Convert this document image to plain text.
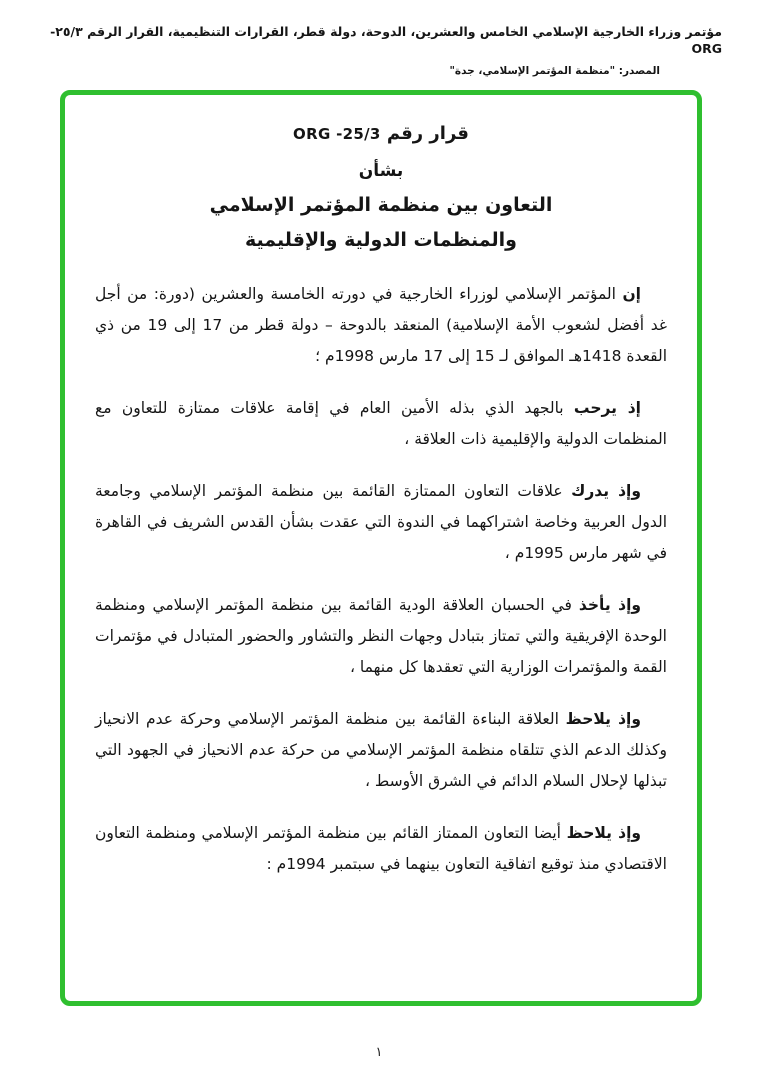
مؤتمر وزراء الخارجية الإسلامي الخامس والعشرين، الدوحة، دولة قطر، القرارات التنظيمية، القرار الرقم ٢٥/٣-ORG
المصدر: "منظمة المؤتمر الإسلامي، جدة"
قرار رقم ORG -25/3
بشأن
التعاون بين منظمة المؤتمر الإسلامي
والمنظمات الدولية والإقليمية

إن المؤتمر الإسلامي لوزراء الخارجية في دورته الخامسة والعشرين (دورة: من أجل غد أفضل لشعوب الأمة الإسلامية) المنعقد بالدوحة – دولة قطر من 17 إلى 19 من ذي القعدة 1418هـ الموافق لـ 15 إلى 17 مارس 1998م ؛

إذ يرحب بالجهد الذي بذله الأمين العام في إقامة علاقات ممتازة للتعاون مع المنظمات الدولية والإقليمية ذات العلاقة ،

وإذ يدرك علاقات التعاون الممتازة القائمة بين منظمة المؤتمر الإسلامي وجامعة الدول العربية وخاصة اشتراكهما في الندوة التي عقدت بشأن القدس الشريف في القاهرة في شهر مارس 1995م ،

وإذ يأخذ في الحسبان العلاقة الودية القائمة بين منظمة المؤتمر الإسلامي ومنظمة الوحدة الإفريقية والتي تمتاز بتبادل وجهات النظر والتشاور والحضور المتبادل في مؤتمرات القمة والمؤتمرات الوزارية التي تعقدها كل منهما ،

وإذ يلاحظ العلاقة البناءة القائمة بين منظمة المؤتمر الإسلامي وحركة عدم الانحياز وكذلك الدعم الذي تتلقاه منظمة المؤتمر الإسلامي من حركة عدم الانحياز في الجهود التي تبذلها لإحلال السلام الدائم في الشرق الأوسط ،

وإذ يلاحظ أيضا التعاون الممتاز القائم بين منظمة المؤتمر الإسلامي ومنظمة التعاون الاقتصادي منذ توقيع اتفاقية التعاون بينهما في سبتمبر 1994م :

١
